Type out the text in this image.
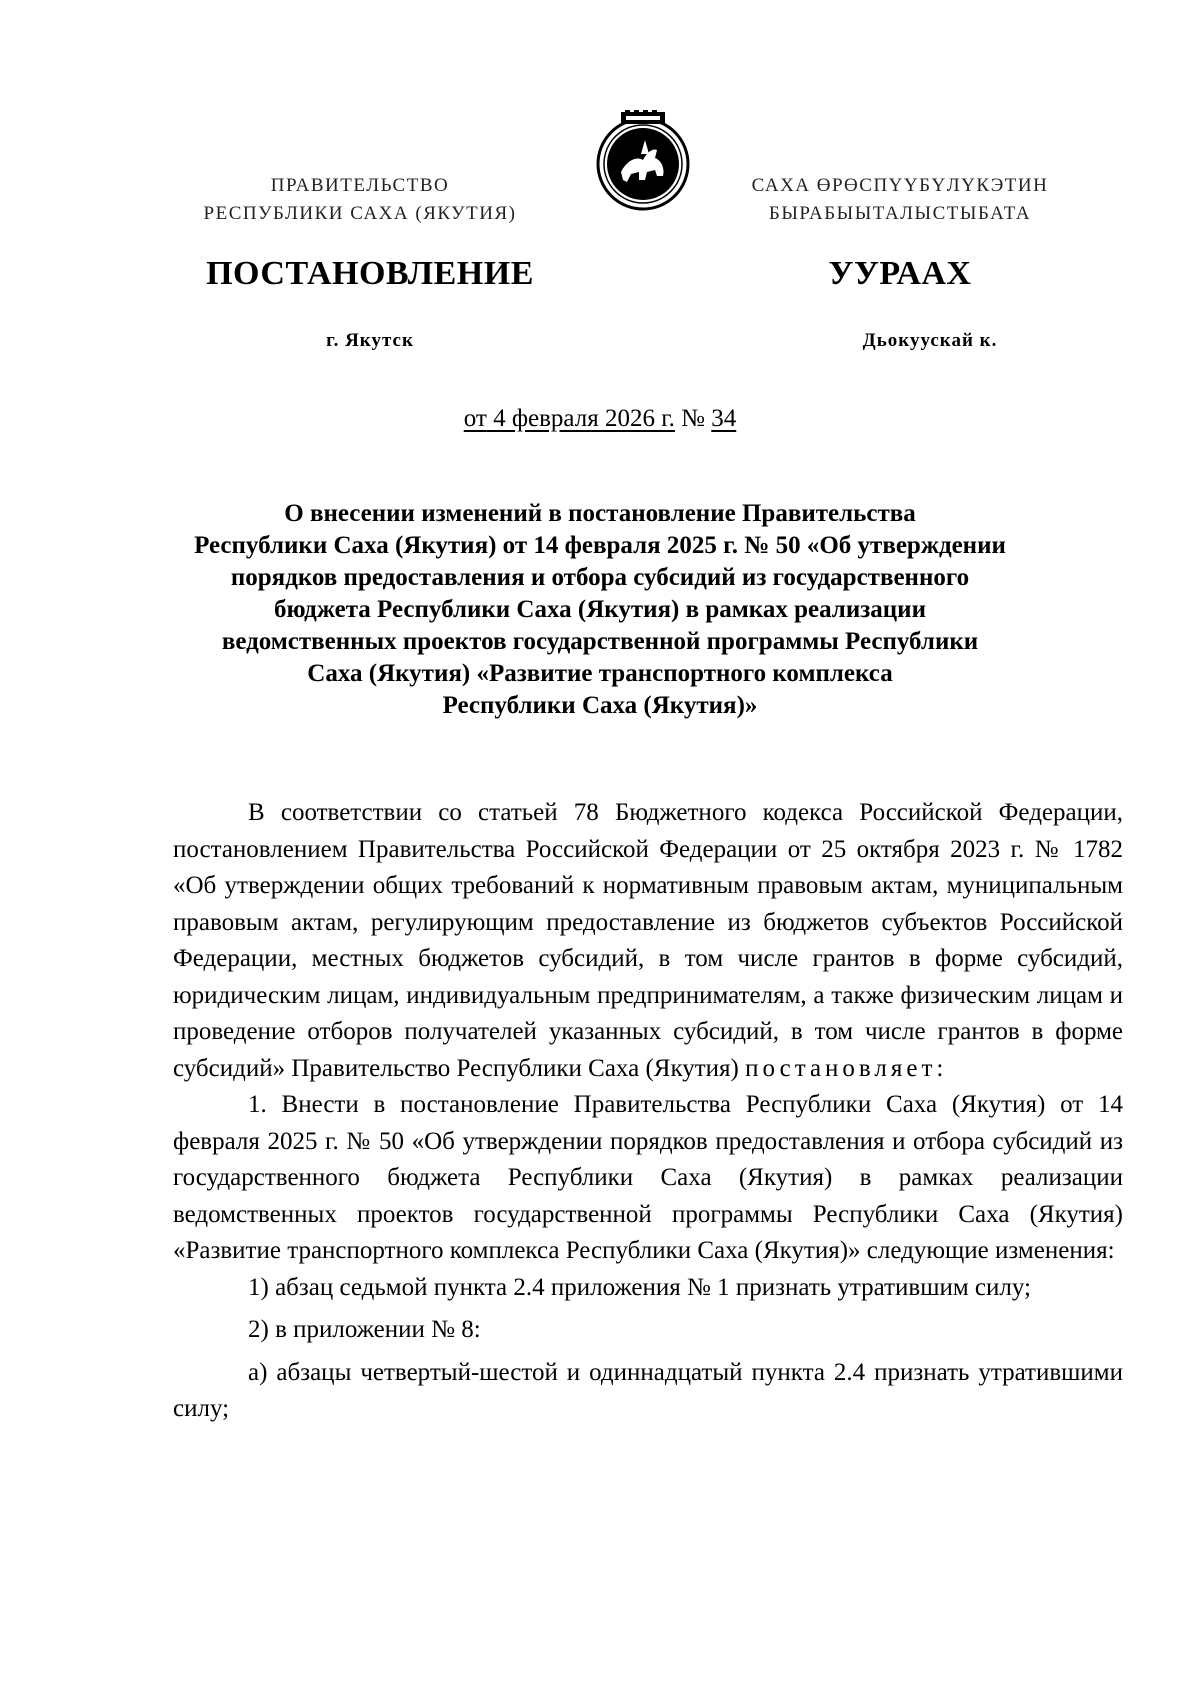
ПРАВИТЕЛЬСТВО
РЕСПУБЛИКИ САХА (ЯКУТИЯ)
САХА ӨРӨСПҮҮБҮЛҮКЭТИН
БЫРАБЫЫТАЛЫСТЫБАТА
ПОСТАНОВЛЕНИЕ	УУРААХ
г. Якутск	Дьокуускай к.
от 4 февраля 2026 г. № 34
О внесении изменений в постановление Правительства
Республики Саха (Якутия) от 14 февраля 2025 г. № 50 «Об утверждении
порядков предоставления и отбора субсидий из государственного
бюджета Республики Саха (Якутия) в рамках реализации
ведомственных проектов государственной программы Республики
Саха (Якутия) «Развитие транспортного комплекса
Республики Саха (Якутия)»

В соответствии со статьей 78 Бюджетного кодекса Российской Федерации, постановлением Правительства Российской Федерации от 25 октября 2023 г. № 1782 «Об утверждении общих требований к нормативным правовым актам, муниципальным правовым актам, регулирующим предоставление из бюджетов субъектов Российской Федерации, местных бюджетов субсидий, в том числе грантов в форме субсидий, юридическим лицам, индивидуальным предпринимателям, а также физическим лицам и проведение отборов получателей указанных субсидий, в том числе грантов в форме субсидий» Правительство Республики Саха (Якутия) постановляет:

1. Внести в постановление Правительства Республики Саха (Якутия) от 14 февраля 2025 г. № 50 «Об утверждении порядков предоставления и отбора субсидий из государственного бюджета Республики Саха (Якутия) в рамках реализации ведомственных проектов государственной программы Республики Саха (Якутия) «Развитие транспортного комплекса Республики Саха (Якутия)» следующие изменения:

1) абзац седьмой пункта 2.4 приложения № 1 признать утратившим силу;

2) в приложении № 8:

а) абзацы четвертый-шестой и одиннадцатый пункта 2.4 признать утратившими силу;
